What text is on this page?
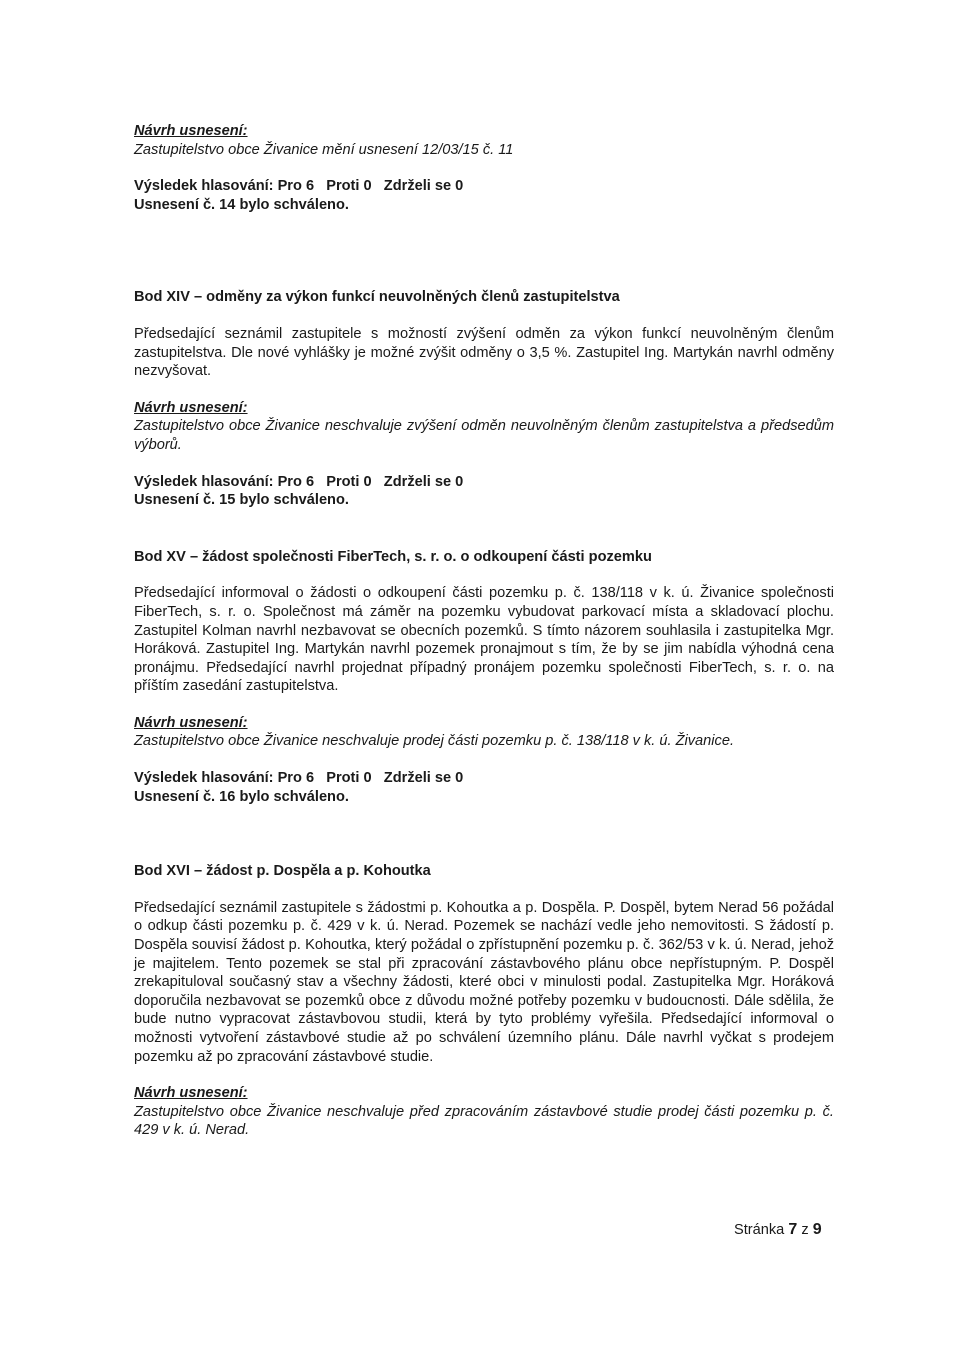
Návrh usnesení:

Zastupitelstvo obce Živanice mění usnesení 12/03/15 č. 11

Výsledek hlasování: Pro 6   Proti 0   Zdrželi se 0

Usnesení č. 14 bylo schváleno.

Bod XIV – odměny za výkon funkcí neuvolněných členů zastupitelstva

Předsedající seznámil zastupitele s možností zvýšení odměn za výkon funkcí neuvolněným členům zastupitelstva. Dle nové vyhlášky je možné zvýšit odměny o 3,5 %. Zastupitel Ing. Martykán navrhl odměny nezvyšovat.

Návrh usnesení:

Zastupitelstvo obce Živanice neschvaluje zvýšení odměn neuvolněným členům zastupitelstva a předsedům výborů.

Výsledek hlasování: Pro 6   Proti 0   Zdrželi se 0

Usnesení č. 15 bylo schváleno.

Bod XV – žádost společnosti FiberTech, s. r. o. o odkoupení části pozemku

Předsedající informoval o žádosti o odkoupení části pozemku p. č. 138/118 v k. ú. Živanice společnosti FiberTech, s. r. o. Společnost má záměr na pozemku vybudovat parkovací místa a skladovací plochu. Zastupitel Kolman navrhl nezbavovat se obecních pozemků. S tímto názorem souhlasila i zastupitelka Mgr. Horáková. Zastupitel Ing. Martykán navrhl pozemek pronajmout s tím, že by se jim nabídla výhodná cena pronájmu. Předsedající navrhl projednat případný pronájem pozemku společnosti FiberTech, s. r. o. na příštím zasedání zastupitelstva.

Návrh usnesení:

Zastupitelstvo obce Živanice neschvaluje prodej části pozemku p. č. 138/118 v k. ú. Živanice.

Výsledek hlasování: Pro 6   Proti 0   Zdrželi se 0

Usnesení č. 16 bylo schváleno.

Bod XVI – žádost p. Dospěla a p. Kohoutka

Předsedající seznámil zastupitele s žádostmi p. Kohoutka a p. Dospěla. P. Dospěl, bytem Nerad 56 požádal o odkup části pozemku p. č. 429 v k. ú. Nerad. Pozemek se nachází vedle jeho nemovitosti. S žádostí p. Dospěla souvisí žádost p. Kohoutka, který požádal o zpřístupnění pozemku p. č. 362/53 v k. ú. Nerad, jehož je majitelem. Tento pozemek se stal při zpracování zástavbového plánu obce nepřístupným. P. Dospěl zrekapituloval současný stav a všechny žádosti, které obci v minulosti podal. Zastupitelka Mgr. Horáková doporučila nezbavovat se pozemků obce z důvodu možné potřeby pozemku v budoucnosti. Dále sdělila, že bude nutno vypracovat zástavbovou studii, která by tyto problémy vyřešila. Předsedající informoval o možnosti vytvoření zástavbové studie až po schválení územního plánu. Dále navrhl vyčkat s prodejem pozemku až po zpracování zástavbové studie.

Návrh usnesení:

Zastupitelstvo obce Živanice neschvaluje před zpracováním zástavbové studie prodej části pozemku p. č. 429 v k. ú. Nerad.

Stránka 7 z 9
